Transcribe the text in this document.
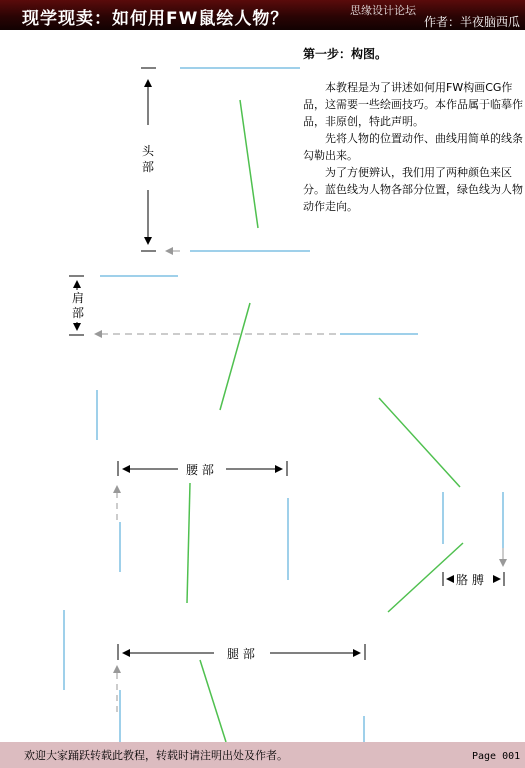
现学现卖：如何用FW鼠绘人物？	思缘设计论坛
作者：半夜脑西瓜
第一步：构图。

本教程是为了讲述如何用FW构画CG作品，这需要一些绘画技巧。本作品属于临摹作品，非原创，特此声明。

先将人物的位置动作、曲线用简单的线条勾勒出来。

为了方便辨认，我们用了两种颜色来区分。蓝色线为人物各部分位置，绿色线为人物动作走向。

头部
肩部
腰 部
胳 膊
腿 部
欢迎大家踊跃转载此教程，转载时请注明出处及作者。	Page 001
